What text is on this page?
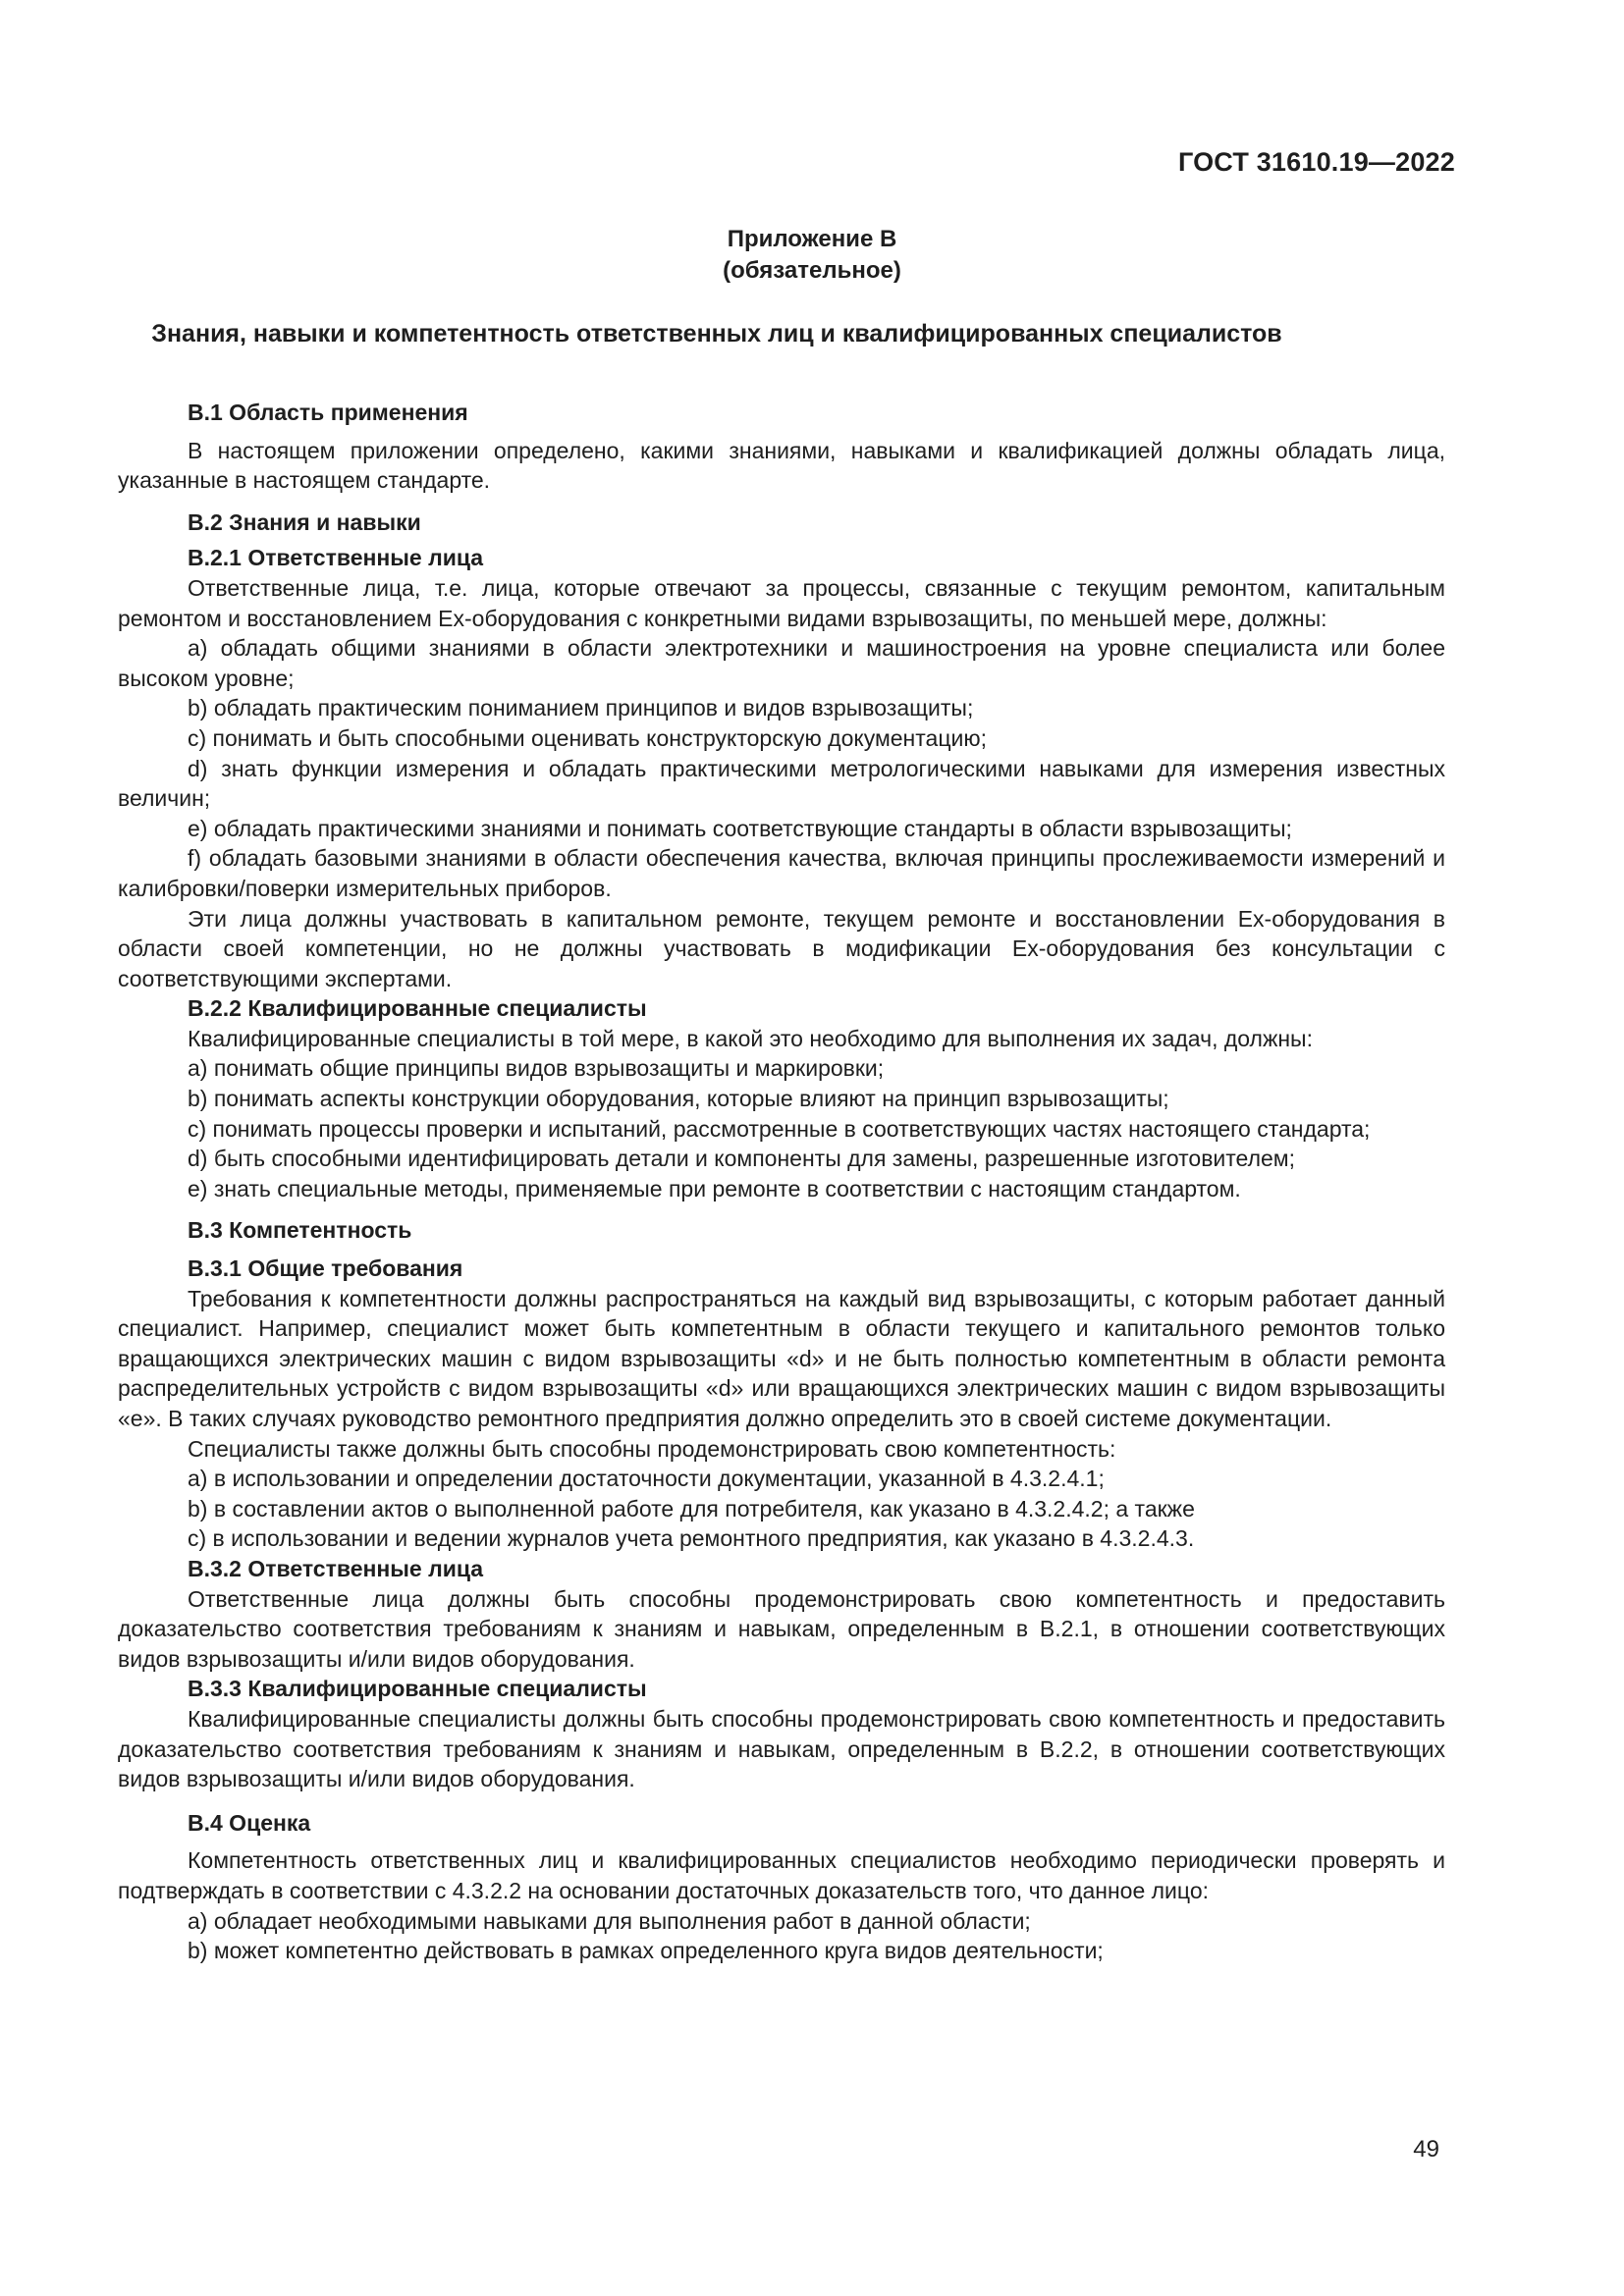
ГОСТ 31610.19—2022
Приложение В
(обязательное)
Знания, навыки и компетентность ответственных лиц и квалифицированных специалистов

В.1 Область применения

В настоящем приложении определено, какими знаниями, навыками и квалификацией должны обладать лица, указанные в настоящем стандарте.

В.2 Знания и навыки

В.2.1 Ответственные лица

Ответственные лица, т.е. лица, которые отвечают за процессы, связанные с текущим ремонтом, капитальным ремонтом и восстановлением Ex-оборудования с конкретными видами взрывозащиты, по меньшей мере, должны:

a) обладать общими знаниями в области электротехники и машиностроения на уровне специалиста или более высоком уровне;

b) обладать практическим пониманием принципов и видов взрывозащиты;

c) понимать и быть способными оценивать конструкторскую документацию;

d) знать функции измерения и обладать практическими метрологическими навыками для измерения известных величин;

e) обладать практическими знаниями и понимать соответствующие стандарты в области взрывозащиты;

f) обладать базовыми знаниями в области обеспечения качества, включая принципы прослеживаемости измерений и калибровки/поверки измерительных приборов.

Эти лица должны участвовать в капитальном ремонте, текущем ремонте и восстановлении Ex-оборудования в области своей компетенции, но не должны участвовать в модификации Ex-оборудования без консультации с соответствующими экспертами.

В.2.2 Квалифицированные специалисты

Квалифицированные специалисты в той мере, в какой это необходимо для выполнения их задач, должны:

a) понимать общие принципы видов взрывозащиты и маркировки;

b) понимать аспекты конструкции оборудования, которые влияют на принцип взрывозащиты;

c) понимать процессы проверки и испытаний, рассмотренные в соответствующих частях настоящего стандарта;

d) быть способными идентифицировать детали и компоненты для замены, разрешенные изготовителем;

e) знать специальные методы, применяемые при ремонте в соответствии с настоящим стандартом.

В.3 Компетентность

В.3.1 Общие требования

Требования к компетентности должны распространяться на каждый вид взрывозащиты, с которым работает данный специалист. Например, специалист может быть компетентным в области текущего и капитального ремонтов только вращающихся электрических машин с видом взрывозащиты «d» и не быть полностью компетентным в области ремонта распределительных устройств с видом взрывозащиты «d» или вращающихся электрических машин с видом взрывозащиты «e». В таких случаях руководство ремонтного предприятия должно определить это в своей системе документации.

Специалисты также должны быть способны продемонстрировать свою компетентность:

a) в использовании и определении достаточности документации, указанной в 4.3.2.4.1;

b) в составлении актов о выполненной работе для потребителя, как указано в 4.3.2.4.2; а также

c) в использовании и ведении журналов учета ремонтного предприятия, как указано в 4.3.2.4.3.

В.3.2 Ответственные лица

Ответственные лица должны быть способны продемонстрировать свою компетентность и предоставить доказательство соответствия требованиям к знаниям и навыкам, определенным в В.2.1, в отношении соответствующих видов взрывозащиты и/или видов оборудования.

В.3.3 Квалифицированные специалисты

Квалифицированные специалисты должны быть способны продемонстрировать свою компетентность и предоставить доказательство соответствия требованиям к знаниям и навыкам, определенным в В.2.2, в отношении соответствующих видов взрывозащиты и/или видов оборудования.

В.4 Оценка

Компетентность ответственных лиц и квалифицированных специалистов необходимо периодически проверять и подтверждать в соответствии с 4.3.2.2 на основании достаточных доказательств того, что данное лицо:

a) обладает необходимыми навыками для выполнения работ в данной области;

b) может компетентно действовать в рамках определенного круга видов деятельности;

49
